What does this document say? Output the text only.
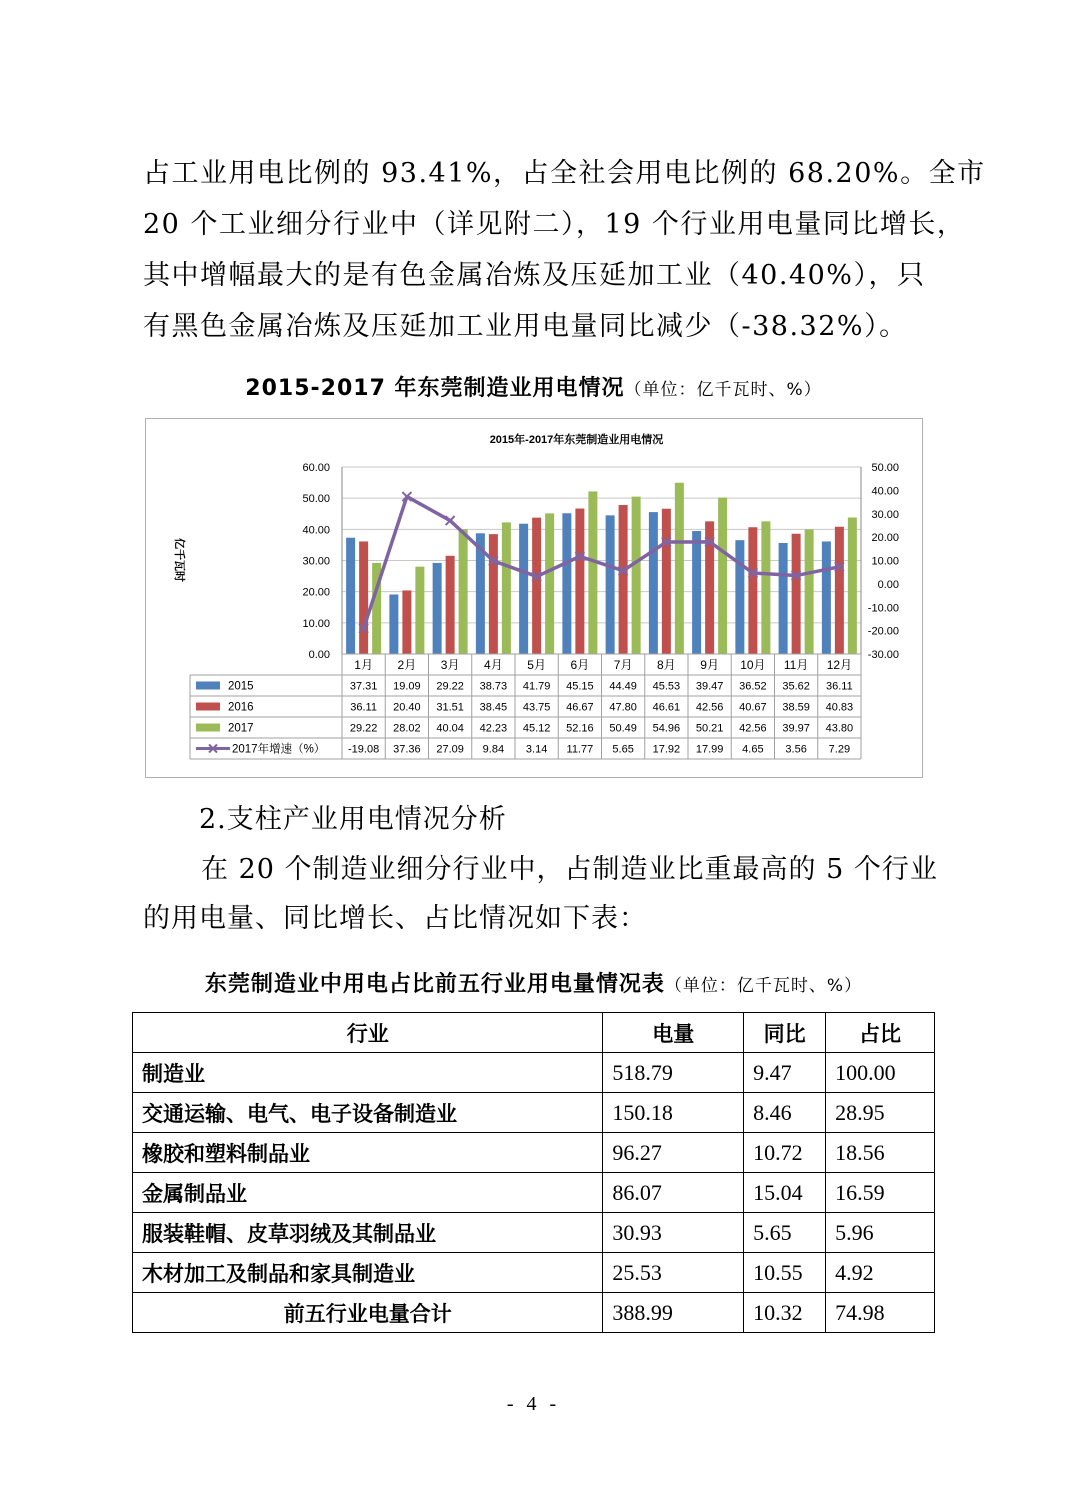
占工业用电比例的 93.41%，占全社会用电比例的 68.20%。全市
20 个工业细分行业中（详见附二），19 个行业用电量同比增长，
其中增幅最大的是有色金属冶炼及压延加工业（40.40%），只
有黑色金属冶炼及压延加工业用电量同比减少（-38.32%）。
2015-2017 年东莞制造业用电情况（单位：亿千瓦时、%）
2015年-2017年东莞制造业用电情况
60.00
50.00
40.00
30.00
20.00
10.00
0.00
50.00
40.00
30.00
20.00
10.00
0.00
-10.00
-20.00
-30.00
亿千瓦时
1月 2月 3月 4月 5月 6月 7月 8月 9月 10月 11月 12月
2015	37.31 19.09 29.22 38.73 41.79 45.15 44.49 45.53 39.47 36.52 35.62 36.11
2016	36.11 20.40 31.51 38.45 43.75 46.67 47.80 46.61 42.56 40.67 38.59 40.83
2017	29.22 28.02 40.04 42.23 45.12 52.16 50.49 54.96 50.21 42.56 39.97 43.80
2017年增速（%） -19.08 37.36 27.09 9.84 3.14 11.77 5.65 17.92 17.99 4.65 3.56 7.29
2.支柱产业用电情况分析
在 20 个制造业细分行业中，占制造业比重最高的 5 个行业
的用电量、同比增长、占比情况如下表：
东莞制造业中用电占比前五行业用电量情况表（单位：亿千瓦时、%）
行业	电量	同比	占比
制造业	518.79	9.47	100.00
交通运输、电气、电子设备制造业	150.18	8.46	28.95
橡胶和塑料制品业	96.27	10.72	18.56
金属制品业	86.07	15.04	16.59
服装鞋帽、皮草羽绒及其制品业	30.93	5.65	5.96
木材加工及制品和家具制造业	25.53	10.55	4.92
前五行业电量合计	388.99	10.32	74.98
- 4 -
